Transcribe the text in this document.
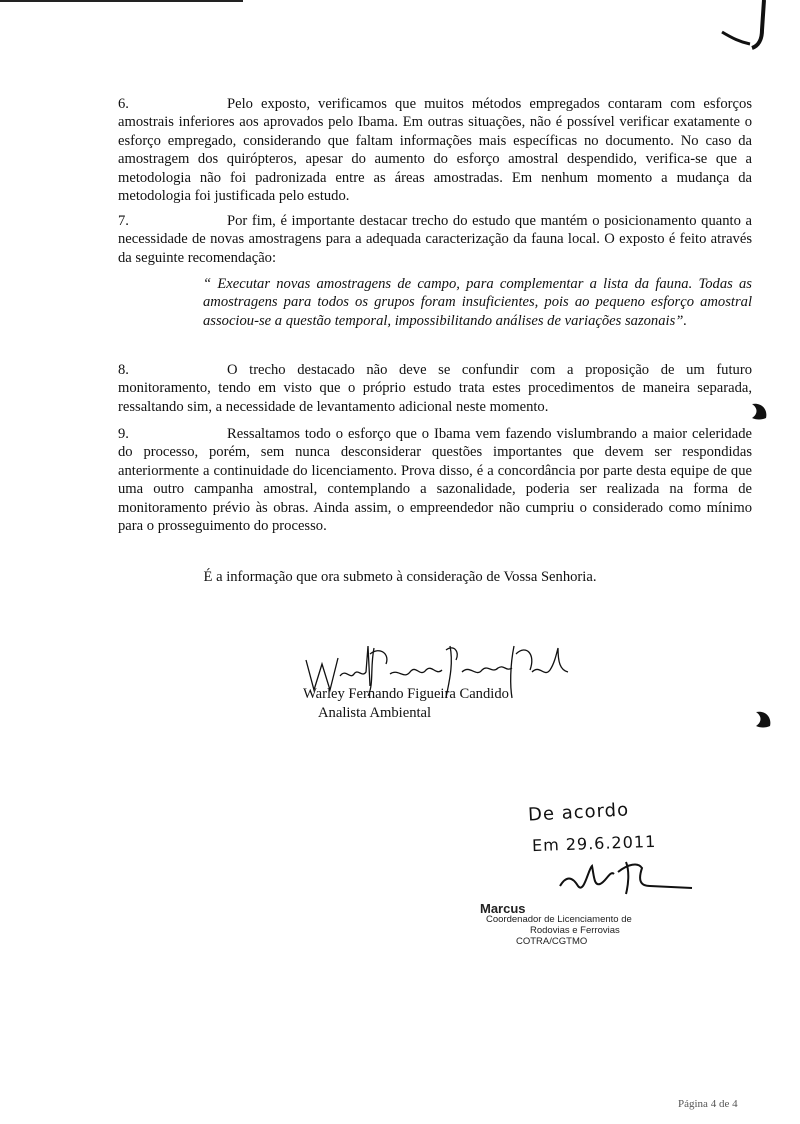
6.	Pelo exposto, verificamos que muitos métodos empregados contaram com esforços amostrais inferiores aos aprovados pelo Ibama. Em outras situações, não é possível verificar exatamente o esforço empregado, considerando que faltam informações mais específicas no documento. No caso da amostragem dos quirópteros, apesar do aumento do esforço amostral despendido, verifica-se que a metodologia não foi padronizada entre as áreas amostradas. Em nenhum momento a mudança da metodologia foi justificada pelo estudo.

7.	Por fim, é importante destacar trecho do estudo que mantém o posicionamento quanto a necessidade de novas amostragens para a adequada caracterização da fauna local. O exposto é feito através da seguinte recomendação:

“ Executar novas amostragens de campo, para complementar a lista da fauna. Todas as amostragens para todos os grupos foram insuficientes, pois ao pequeno esforço amostral associou-se a questão temporal, impossibilitando análises de variações sazonais”.

8.	O trecho destacado não deve se confundir com a proposição de um futuro monitoramento, tendo em visto que o próprio estudo trata estes procedimentos de maneira separada, ressaltando sim, a necessidade de levantamento adicional neste momento.

9.	Ressaltamos todo o esforço que o Ibama vem fazendo vislumbrando a maior celeridade do processo, porém, sem nunca desconsiderar questões importantes que devem ser respondidas anteriormente a continuidade do licenciamento. Prova disso, é a concordância por parte desta equipe de que uma outro campanha amostral, contemplando a sazonalidade, poderia ser realizada na forma de monitoramento prévio às obras. Ainda assim, o empreendedor não cumpriu o considerado como mínimo para o prosseguimento do processo.

É a informação que ora submeto à consideração de Vossa Senhoria.
Warley Fernando Figueira Candido
Analista Ambiental
De acordo
Em 29.6.2011
Marcus
Coordenador de Licenciamento de
Rodovias e Ferrovias
COTRA/CGTMO
Página 4 de 4
